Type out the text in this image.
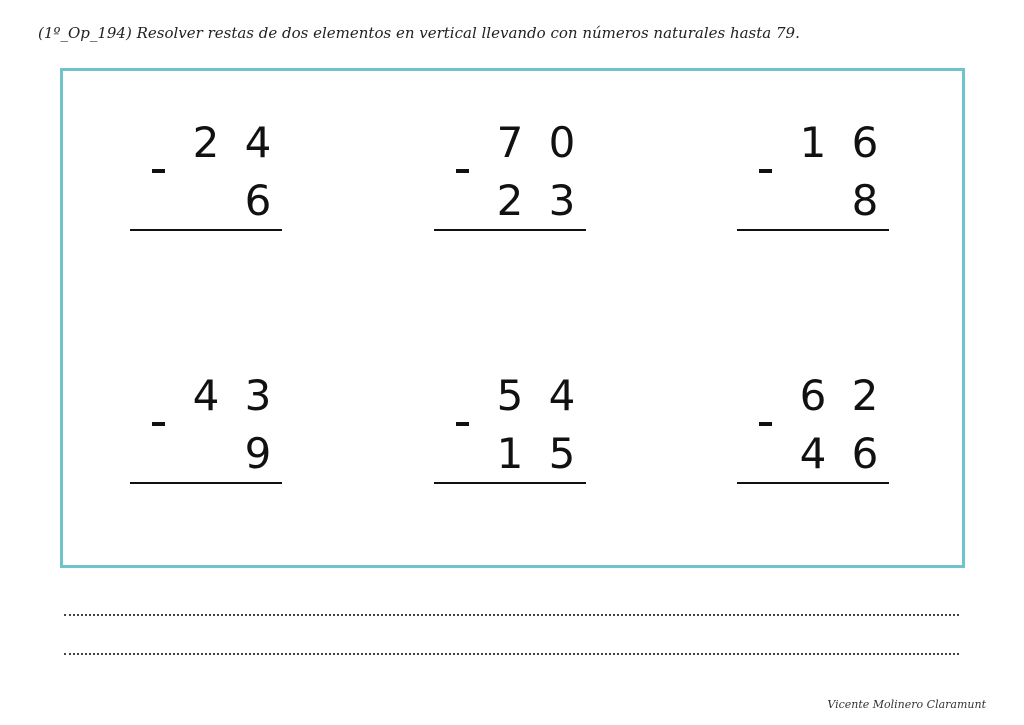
(1º_Op_194) Resolver restas de dos elementos en vertical llevando con números naturales hasta 79.
2 4
6
7 0
2 3
1 6
8
4 3
9
5 4
1 5
6 2
4 6
Vicente Molinero Claramunt
